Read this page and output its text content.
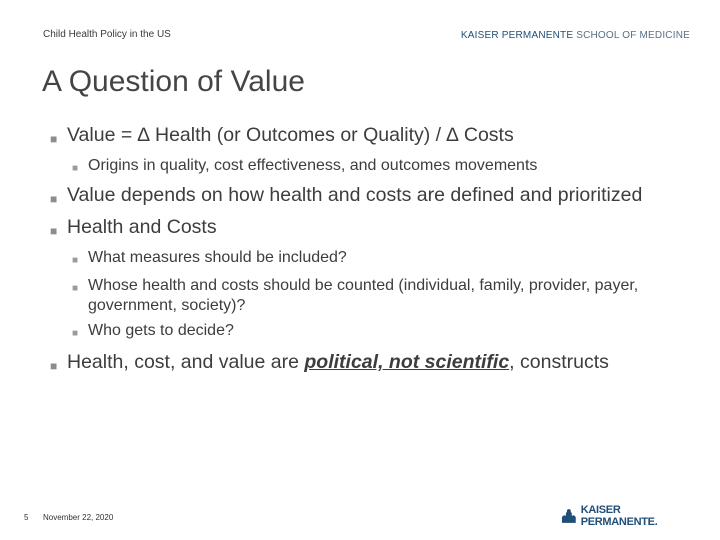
Child Health Policy in the US	KAISER PERMANENTE SCHOOL OF MEDICINE
A Question of Value
■ Value = ∆ Health (or Outcomes or Quality) / ∆ Costs
■ Origins in quality, cost effectiveness, and outcomes movements
■ Value depends on how health and costs are defined and prioritized
■ Health and Costs
■ What measures should be included?
■ Whose health and costs should be counted (individual, family, provider, payer, government, society)?
■ Who gets to decide?
■ Health, cost, and value are political, not scientific, constructs
5 November 22, 2020
KAISER PERMANENTE.
